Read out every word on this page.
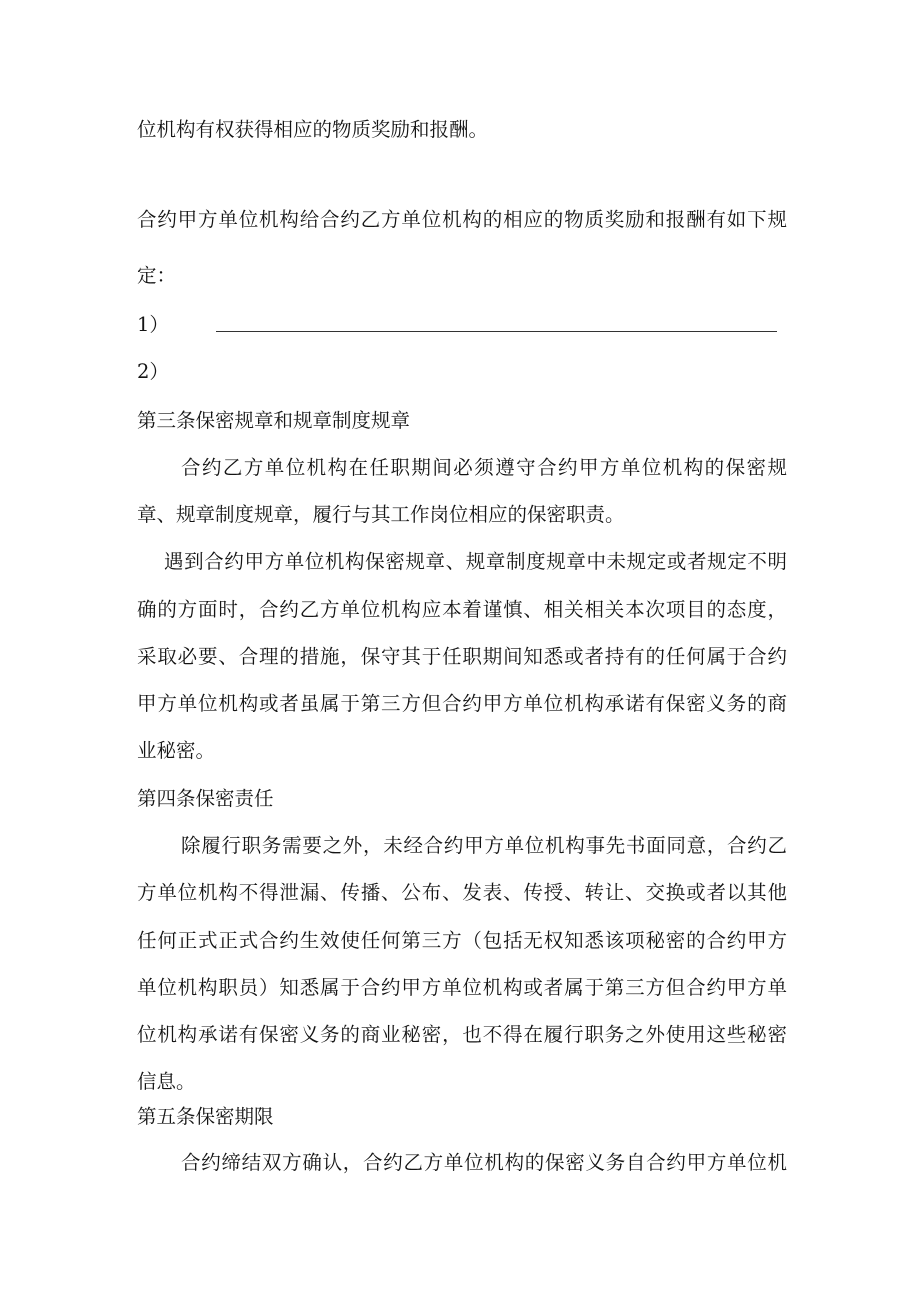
位机构有权获得相应的物质奖励和报酬。
合约甲方单位机构给合约乙方单位机构的相应的物质奖励和报酬有如下规
定：
1）
2）
第三条保密规章和规章制度规章
合约乙方单位机构在任职期间必须遵守合约甲方单位机构的保密规
章、规章制度规章，履行与其工作岗位相应的保密职责。
遇到合约甲方单位机构保密规章、规章制度规章中未规定或者规定不明
确的方面时，合约乙方单位机构应本着谨慎、相关相关本次项目的态度，
采取必要、合理的措施，保守其于任职期间知悉或者持有的任何属于合约
甲方单位机构或者虽属于第三方但合约甲方单位机构承诺有保密义务的商
业秘密。
第四条保密责任
除履行职务需要之外，未经合约甲方单位机构事先书面同意，合约乙
方单位机构不得泄漏、传播、公布、发表、传授、转让、交换或者以其他
任何正式正式合约生效使任何第三方（包括无权知悉该项秘密的合约甲方
单位机构职员）知悉属于合约甲方单位机构或者属于第三方但合约甲方单
位机构承诺有保密义务的商业秘密，也不得在履行职务之外使用这些秘密
信息。
第五条保密期限
合约缔结双方确认，合约乙方单位机构的保密义务自合约甲方单位机
